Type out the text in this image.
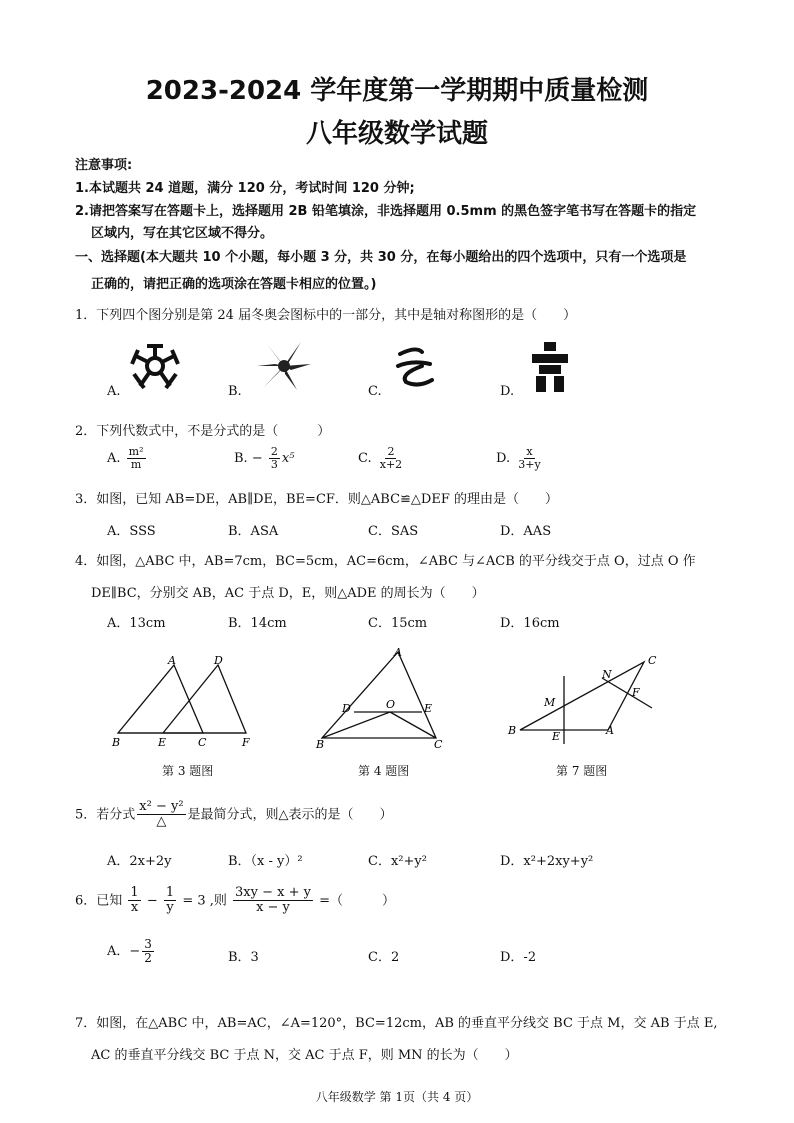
2023-2024 学年度第一学期期中质量检测
八年级数学试题
注意事项:
1.本试题共 24 道题，满分 120 分，考试时间 120 分钟;
2.请把答案写在答题卡上，选择题用 2B 铅笔填涂，非选择题用 0.5mm 的黑色签字笔书写在答题卡的指定
区域内，写在其它区域不得分。
一、选择题(本大题共 10 个小题，每小题 3 分，共 30 分，在每小题给出的四个选项中，只有一个选项是
正确的，请把正确的选项涂在答题卡相应的位置。)
1．下列四个图分别是第 24 届冬奥会图标中的一部分，其中是轴对称图形的是（　　）
A.	B.	C.	D.
2．下列代数式中，不是分式的是（　　　）
A. $\frac{\text{m²}}{m}$	B. − $\frac{2}{3} x^5$	C. $\frac{2}{x+2}$	D. $\frac{x}{3+y}$
3．如图，已知 AB=DE，AB∥DE，BE=CF．则△ABC≌△DEF 的理由是（　　）
A．SSS	B．ASA	C．SAS	D．AAS
4．如图，△ABC 中，AB=7cm，BC=5cm，AC=6cm，∠ABC 与∠ACB 的平分线交于点 O，过点 O 作
DE∥BC，分别交 AB，AC 于点 D，E，则△ADE 的周长为（　　）
A．13cm	B．14cm	C．15cm	D．16cm
A	D
B	E	C	F
A
D	O	E
B	C
C
N
M
F
B	E	A
第 3 题图	第 4 题图	第 7 题图
5．若分式 $\frac{\text{x² − y²}}{\triangle}$ 是最简分式，则△表示的是（　　）
A．2x+2y	B．（x - y）²	C．x²+y²	D．x²+2xy+y²
6．已知 $\frac{1}{x} - \frac{1}{y} = 3$ ,则 $\frac{3xy - x + y}{x - y}$ =（　　　）
A．− $\frac{3}{2}$	B．3	C．2	D．-2
7．如图，在△ABC 中，AB=AC，∠A=120°，BC=12cm，AB 的垂直平分线交 BC 于点 M，交 AB 于点 E,
AC 的垂直平分线交 BC 于点 N，交 AC 于点 F，则 MN 的长为（　　）
八年级数学 第 1页（共 4 页）
